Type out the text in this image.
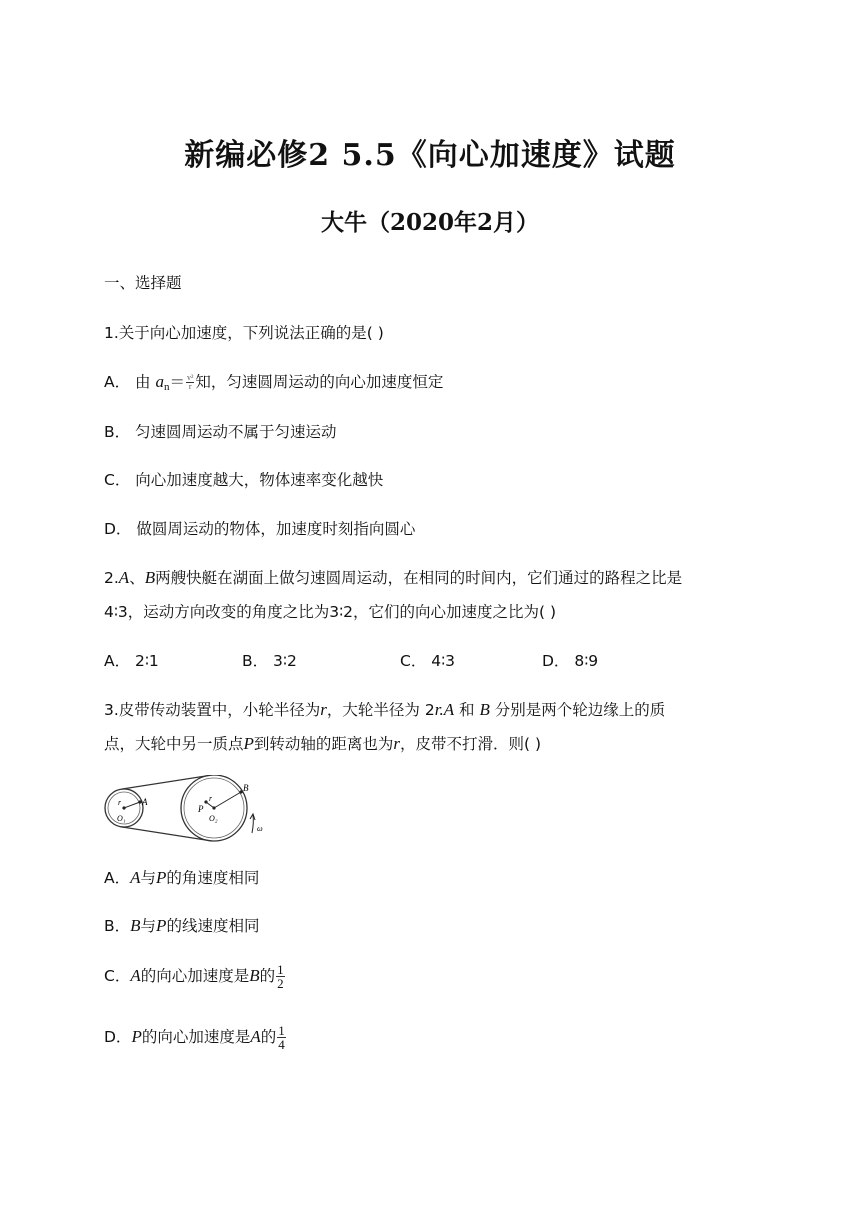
新编必修2 5.5《向心加速度》试题
大牛（2020年2月）
一、选择题
1.关于向心加速度，下列说法正确的是( )
A． 由 $a_n= \frac{\text{v²}}{r}$ 知，匀速圆周运动的向心加速度恒定
B． 匀速圆周运动不属于匀速运动
C． 向心加速度越大，物体速率变化越快
D． 做圆周运动的物体，加速度时刻指向圆心
2.A、B两艘快艇在湖面上做匀速圆周运动，在相同的时间内，它们通过的路程之比是
4∶3，运动方向改变的角度之比为3∶2，它们的向心加速度之比为( )
A． 2∶1	B． 3∶2	C． 4∶3	D． 8∶9
3.皮带传动装置中，小轮半径为r，大轮半径为 2r.A 和 B 分别是两个轮边缘上的质
点，大轮中另一质点P到转动轴的距离也为r，皮带不打滑．则( )
r A
O₁
r
P
B
O₂
ω
A．A与P的角速度相同
B．B与P的线速度相同
C．A的向心加速度是B的 $\frac{1}{2}$
D．P的向心加速度是A的 $\frac{1}{4}$
